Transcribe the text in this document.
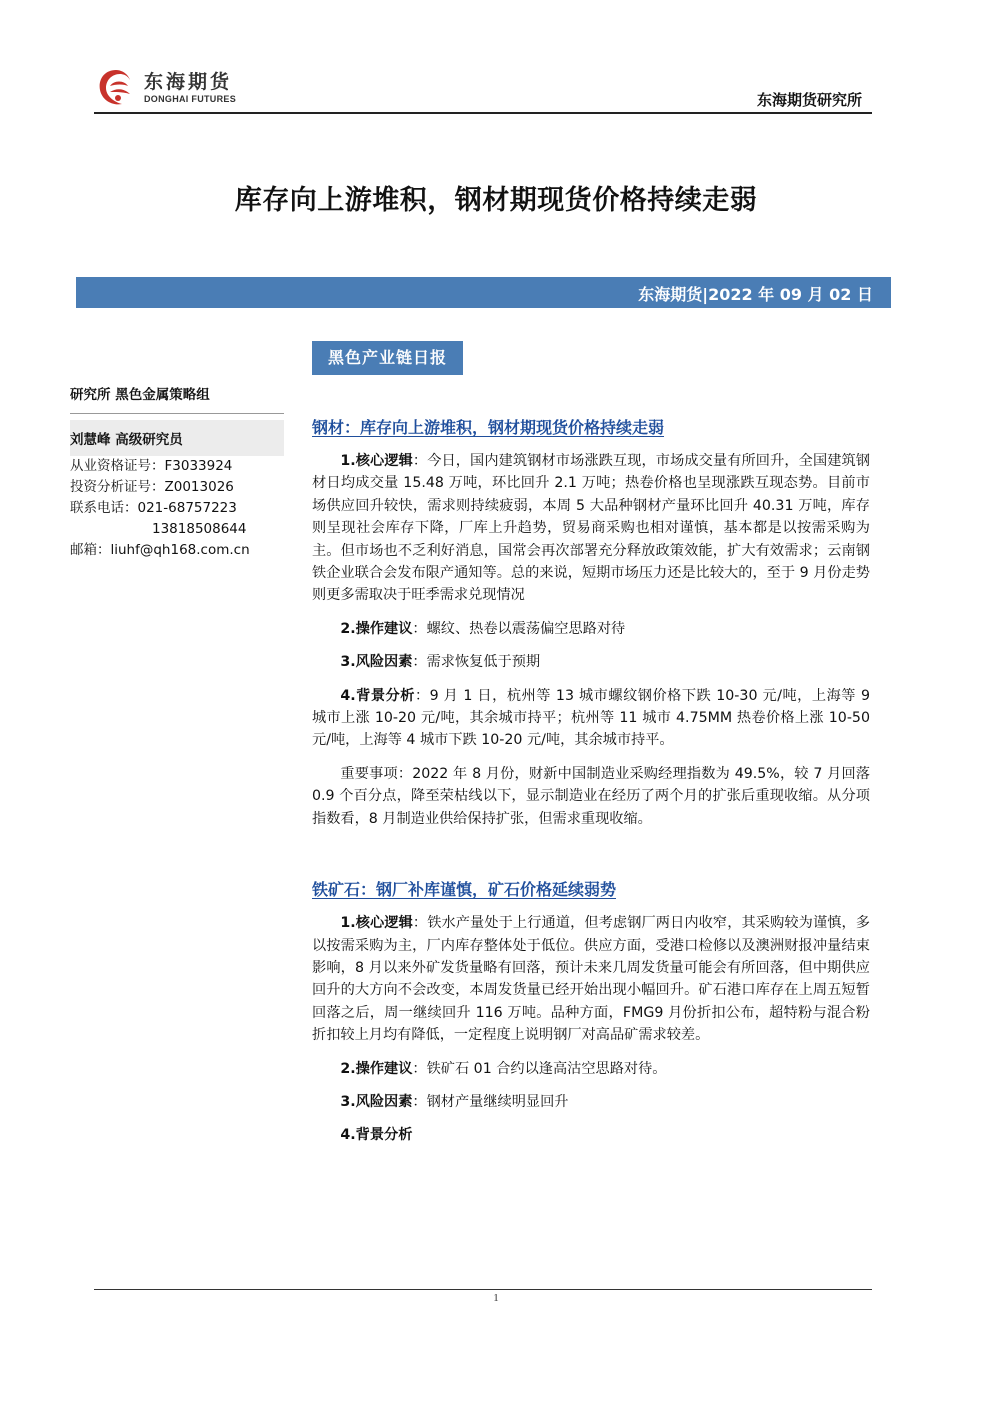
东海期货
DONGHAI FUTURES	东海期货研究所
库存向上游堆积，钢材期现货价格持续走弱
东海期货|2022 年 09 月 02 日
黑色产业链日报
研究所 黑色金属策略组
刘慧峰 高级研究员
从业资格证号：F3033924
投资分析证号：Z0013026
联系电话：021-68757223
13818508644
邮箱：liuhf@qh168.com.cn
钢材：库存向上游堆积，钢材期现货价格持续走弱

1.核心逻辑：今日，国内建筑钢材市场涨跌互现，市场成交量有所回升，全国建筑钢材日均成交量 15.48 万吨，环比回升 2.1 万吨；热卷价格也呈现涨跌互现态势。目前市场供应回升较快，需求则持续疲弱，本周 5 大品种钢材产量环比回升 40.31 万吨，库存则呈现社会库存下降，厂库上升趋势，贸易商采购也相对谨慎，基本都是以按需采购为主。但市场也不乏利好消息，国常会再次部署充分释放政策效能，扩大有效需求；云南钢铁企业联合会发布限产通知等。总的来说，短期市场压力还是比较大的，至于 9 月份走势则更多需取决于旺季需求兑现情况

2.操作建议：螺纹、热卷以震荡偏空思路对待

3.风险因素：需求恢复低于预期

4.背景分析：9 月 1 日，杭州等 13 城市螺纹钢价格下跌 10-30 元/吨，上海等 9 城市上涨 10-20 元/吨，其余城市持平；杭州等 11 城市 4.75MM 热卷价格上涨 10-50 元/吨，上海等 4 城市下跌 10-20 元/吨，其余城市持平。

重要事项：2022 年 8 月份，财新中国制造业采购经理指数为 49.5%，较 7 月回落 0.9 个百分点，降至荣枯线以下，显示制造业在经历了两个月的扩张后重现收缩。从分项指数看，8 月制造业供给保持扩张，但需求重现收缩。

铁矿石：钢厂补库谨慎，矿石价格延续弱势

1.核心逻辑：铁水产量处于上行通道，但考虑钢厂两日内收窄，其采购较为谨慎，多以按需采购为主，厂内库存整体处于低位。供应方面，受港口检修以及澳洲财报冲量结束影响，8 月以来外矿发货量略有回落，预计未来几周发货量可能会有所回落，但中期供应回升的大方向不会改变，本周发货量已经开始出现小幅回升。矿石港口库存在上周五短暂回落之后，周一继续回升 116 万吨。品种方面，FMG9 月份折扣公布，超特粉与混合粉折扣较上月均有降低，一定程度上说明钢厂对高品矿需求较差。

2.操作建议：铁矿石 01 合约以逢高沽空思路对待。

3.风险因素：钢材产量继续明显回升

4.背景分析

1
